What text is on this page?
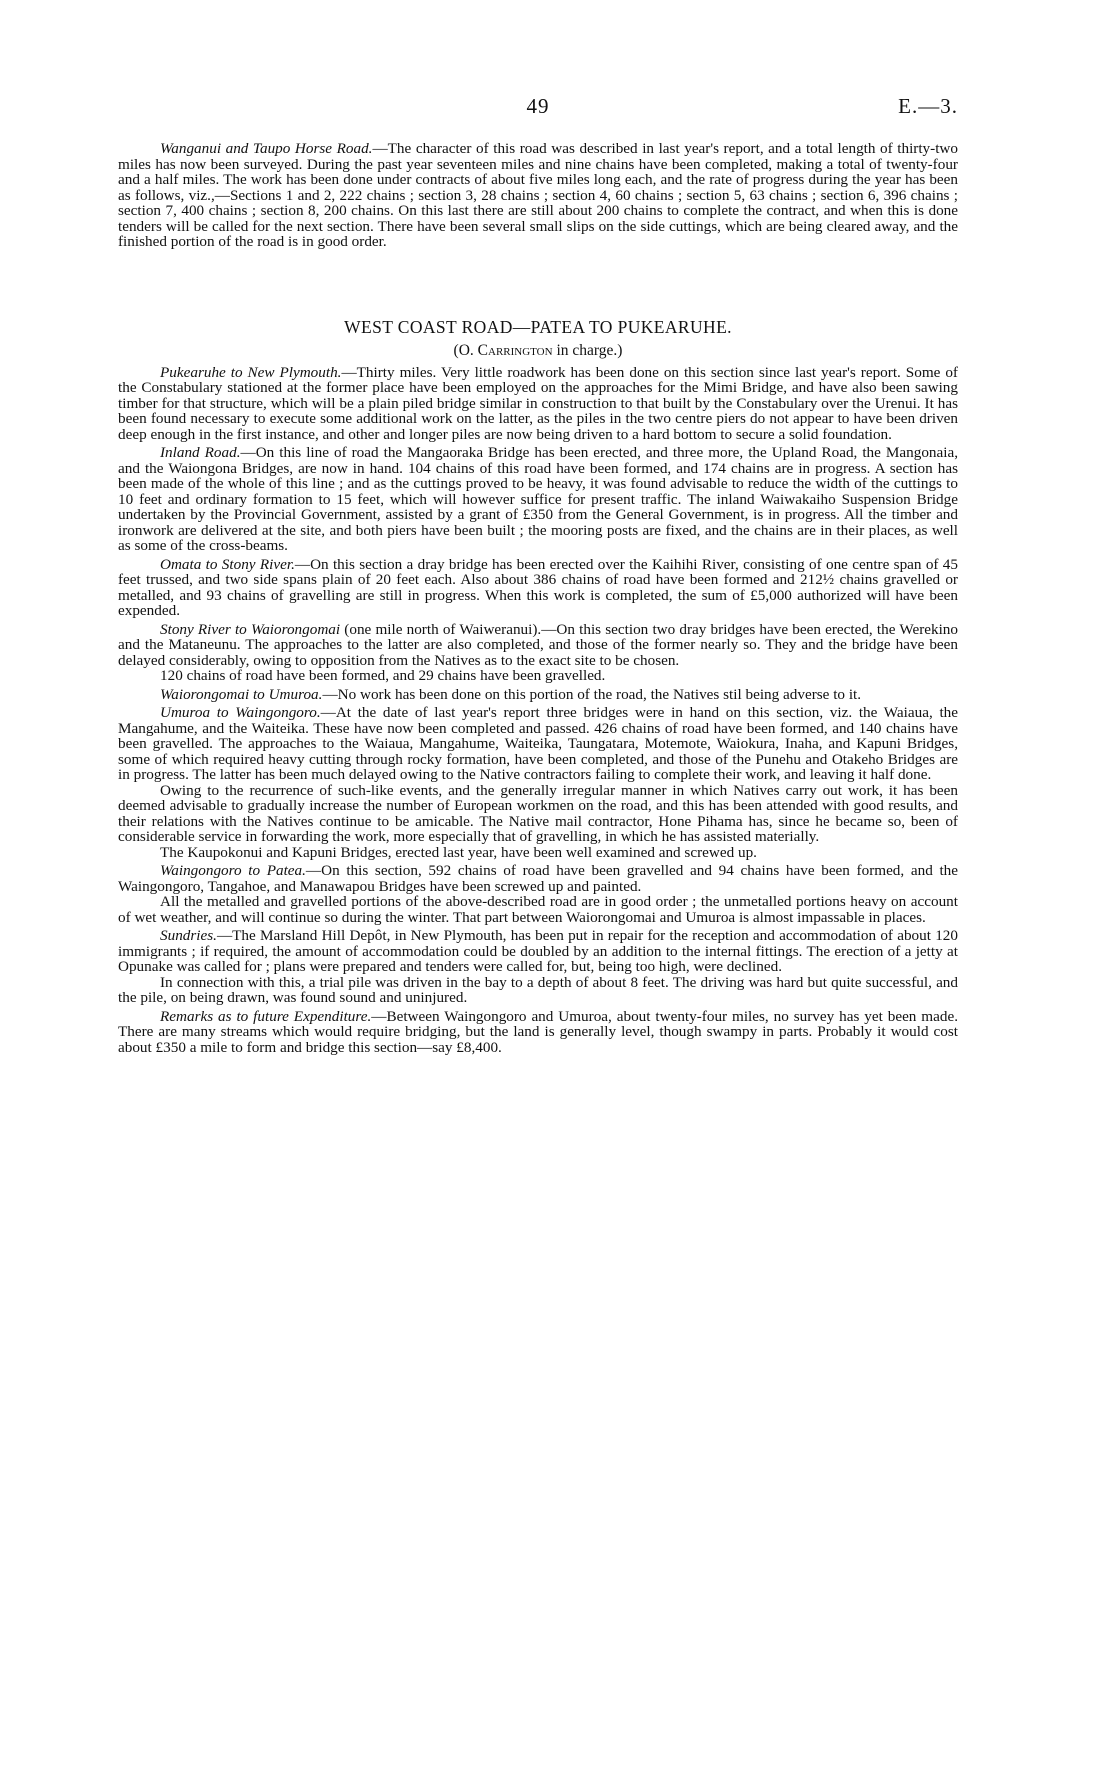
49	E.—3.

Wanganui and Taupo Horse Road.—The character of this road was described in last year's report, and a total length of thirty-two miles has now been surveyed. During the past year seventeen miles and nine chains have been completed, making a total of twenty-four and a half miles. The work has been done under contracts of about five miles long each, and the rate of progress during the year has been as follows, viz.,—Sections 1 and 2, 222 chains ; section 3, 28 chains ; section 4, 60 chains ; section 5, 63 chains ; section 6, 396 chains ; section 7, 400 chains ; section 8, 200 chains. On this last there are still about 200 chains to complete the contract, and when this is done tenders will be called for the next section. There have been several small slips on the side cuttings, which are being cleared away, and the finished portion of the road is in good order.

WEST COAST ROAD—PATEA TO PUKEARUHE.
(O. Carrington in charge.)

Pukearuhe to New Plymouth.—Thirty miles. Very little roadwork has been done on this section since last year's report. Some of the Constabulary stationed at the former place have been employed on the approaches for the Mimi Bridge, and have also been sawing timber for that structure, which will be a plain piled bridge similar in construction to that built by the Constabulary over the Urenui. It has been found necessary to execute some additional work on the latter, as the piles in the two centre piers do not appear to have been driven deep enough in the first instance, and other and longer piles are now being driven to a hard bottom to secure a solid foundation.

Inland Road.—On this line of road the Mangaoraka Bridge has been erected, and three more, the Upland Road, the Mangonaia, and the Waiongona Bridges, are now in hand. 104 chains of this road have been formed, and 174 chains are in progress. A section has been made of the whole of this line ; and as the cuttings proved to be heavy, it was found advisable to reduce the width of the cuttings to 10 feet and ordinary formation to 15 feet, which will however suffice for present traffic. The inland Waiwakaiho Suspension Bridge undertaken by the Provincial Government, assisted by a grant of £350 from the General Government, is in progress. All the timber and ironwork are delivered at the site, and both piers have been built ; the mooring posts are fixed, and the chains are in their places, as well as some of the cross-beams.

Omata to Stony River.—On this section a dray bridge has been erected over the Kaihihi River, consisting of one centre span of 45 feet trussed, and two side spans plain of 20 feet each. Also about 386 chains of road have been formed and 212½ chains gravelled or metalled, and 93 chains of gravelling are still in progress. When this work is completed, the sum of £5,000 authorized will have been expended.

Stony River to Waiorongomai (one mile north of Waiweranui).—On this section two dray bridges have been erected, the Werekino and the Mataneunu. The approaches to the latter are also completed, and those of the former nearly so. They and the bridge have been delayed considerably, owing to opposition from the Natives as to the exact site to be chosen.

120 chains of road have been formed, and 29 chains have been gravelled.

Waiorongomai to Umuroa.—No work has been done on this portion of the road, the Natives stil being adverse to it.

Umuroa to Waingongoro.—At the date of last year's report three bridges were in hand on this section, viz. the Waiaua, the Mangahume, and the Waiteika. These have now been completed and passed. 426 chains of road have been formed, and 140 chains have been gravelled. The approaches to the Waiaua, Mangahume, Waiteika, Taungatara, Motemote, Waiokura, Inaha, and Kapuni Bridges, some of which required heavy cutting through rocky formation, have been completed, and those of the Punehu and Otakeho Bridges are in progress. The latter has been much delayed owing to the Native contractors failing to complete their work, and leaving it half done.

Owing to the recurrence of such-like events, and the generally irregular manner in which Natives carry out work, it has been deemed advisable to gradually increase the number of European workmen on the road, and this has been attended with good results, and their relations with the Natives continue to be amicable. The Native mail contractor, Hone Pihama has, since he became so, been of considerable service in forwarding the work, more especially that of gravelling, in which he has assisted materially.

The Kaupokonui and Kapuni Bridges, erected last year, have been well examined and screwed up.

Waingongoro to Patea.—On this section, 592 chains of road have been gravelled and 94 chains have been formed, and the Waingongoro, Tangahoe, and Manawapou Bridges have been screwed up and painted.

All the metalled and gravelled portions of the above-described road are in good order ; the unmetalled portions heavy on account of wet weather, and will continue so during the winter. That part between Waiorongomai and Umuroa is almost impassable in places.

Sundries.—The Marsland Hill Depôt, in New Plymouth, has been put in repair for the reception and accommodation of about 120 immigrants ; if required, the amount of accommodation could be doubled by an addition to the internal fittings. The erection of a jetty at Opunake was called for ; plans were prepared and tenders were called for, but, being too high, were declined.

In connection with this, a trial pile was driven in the bay to a depth of about 8 feet. The driving was hard but quite successful, and the pile, on being drawn, was found sound and uninjured.

Remarks as to future Expenditure.—Between Waingongoro and Umuroa, about twenty-four miles, no survey has yet been made. There are many streams which would require bridging, but the land is generally level, though swampy in parts. Probably it would cost about £350 a mile to form and bridge this section—say £8,400.
